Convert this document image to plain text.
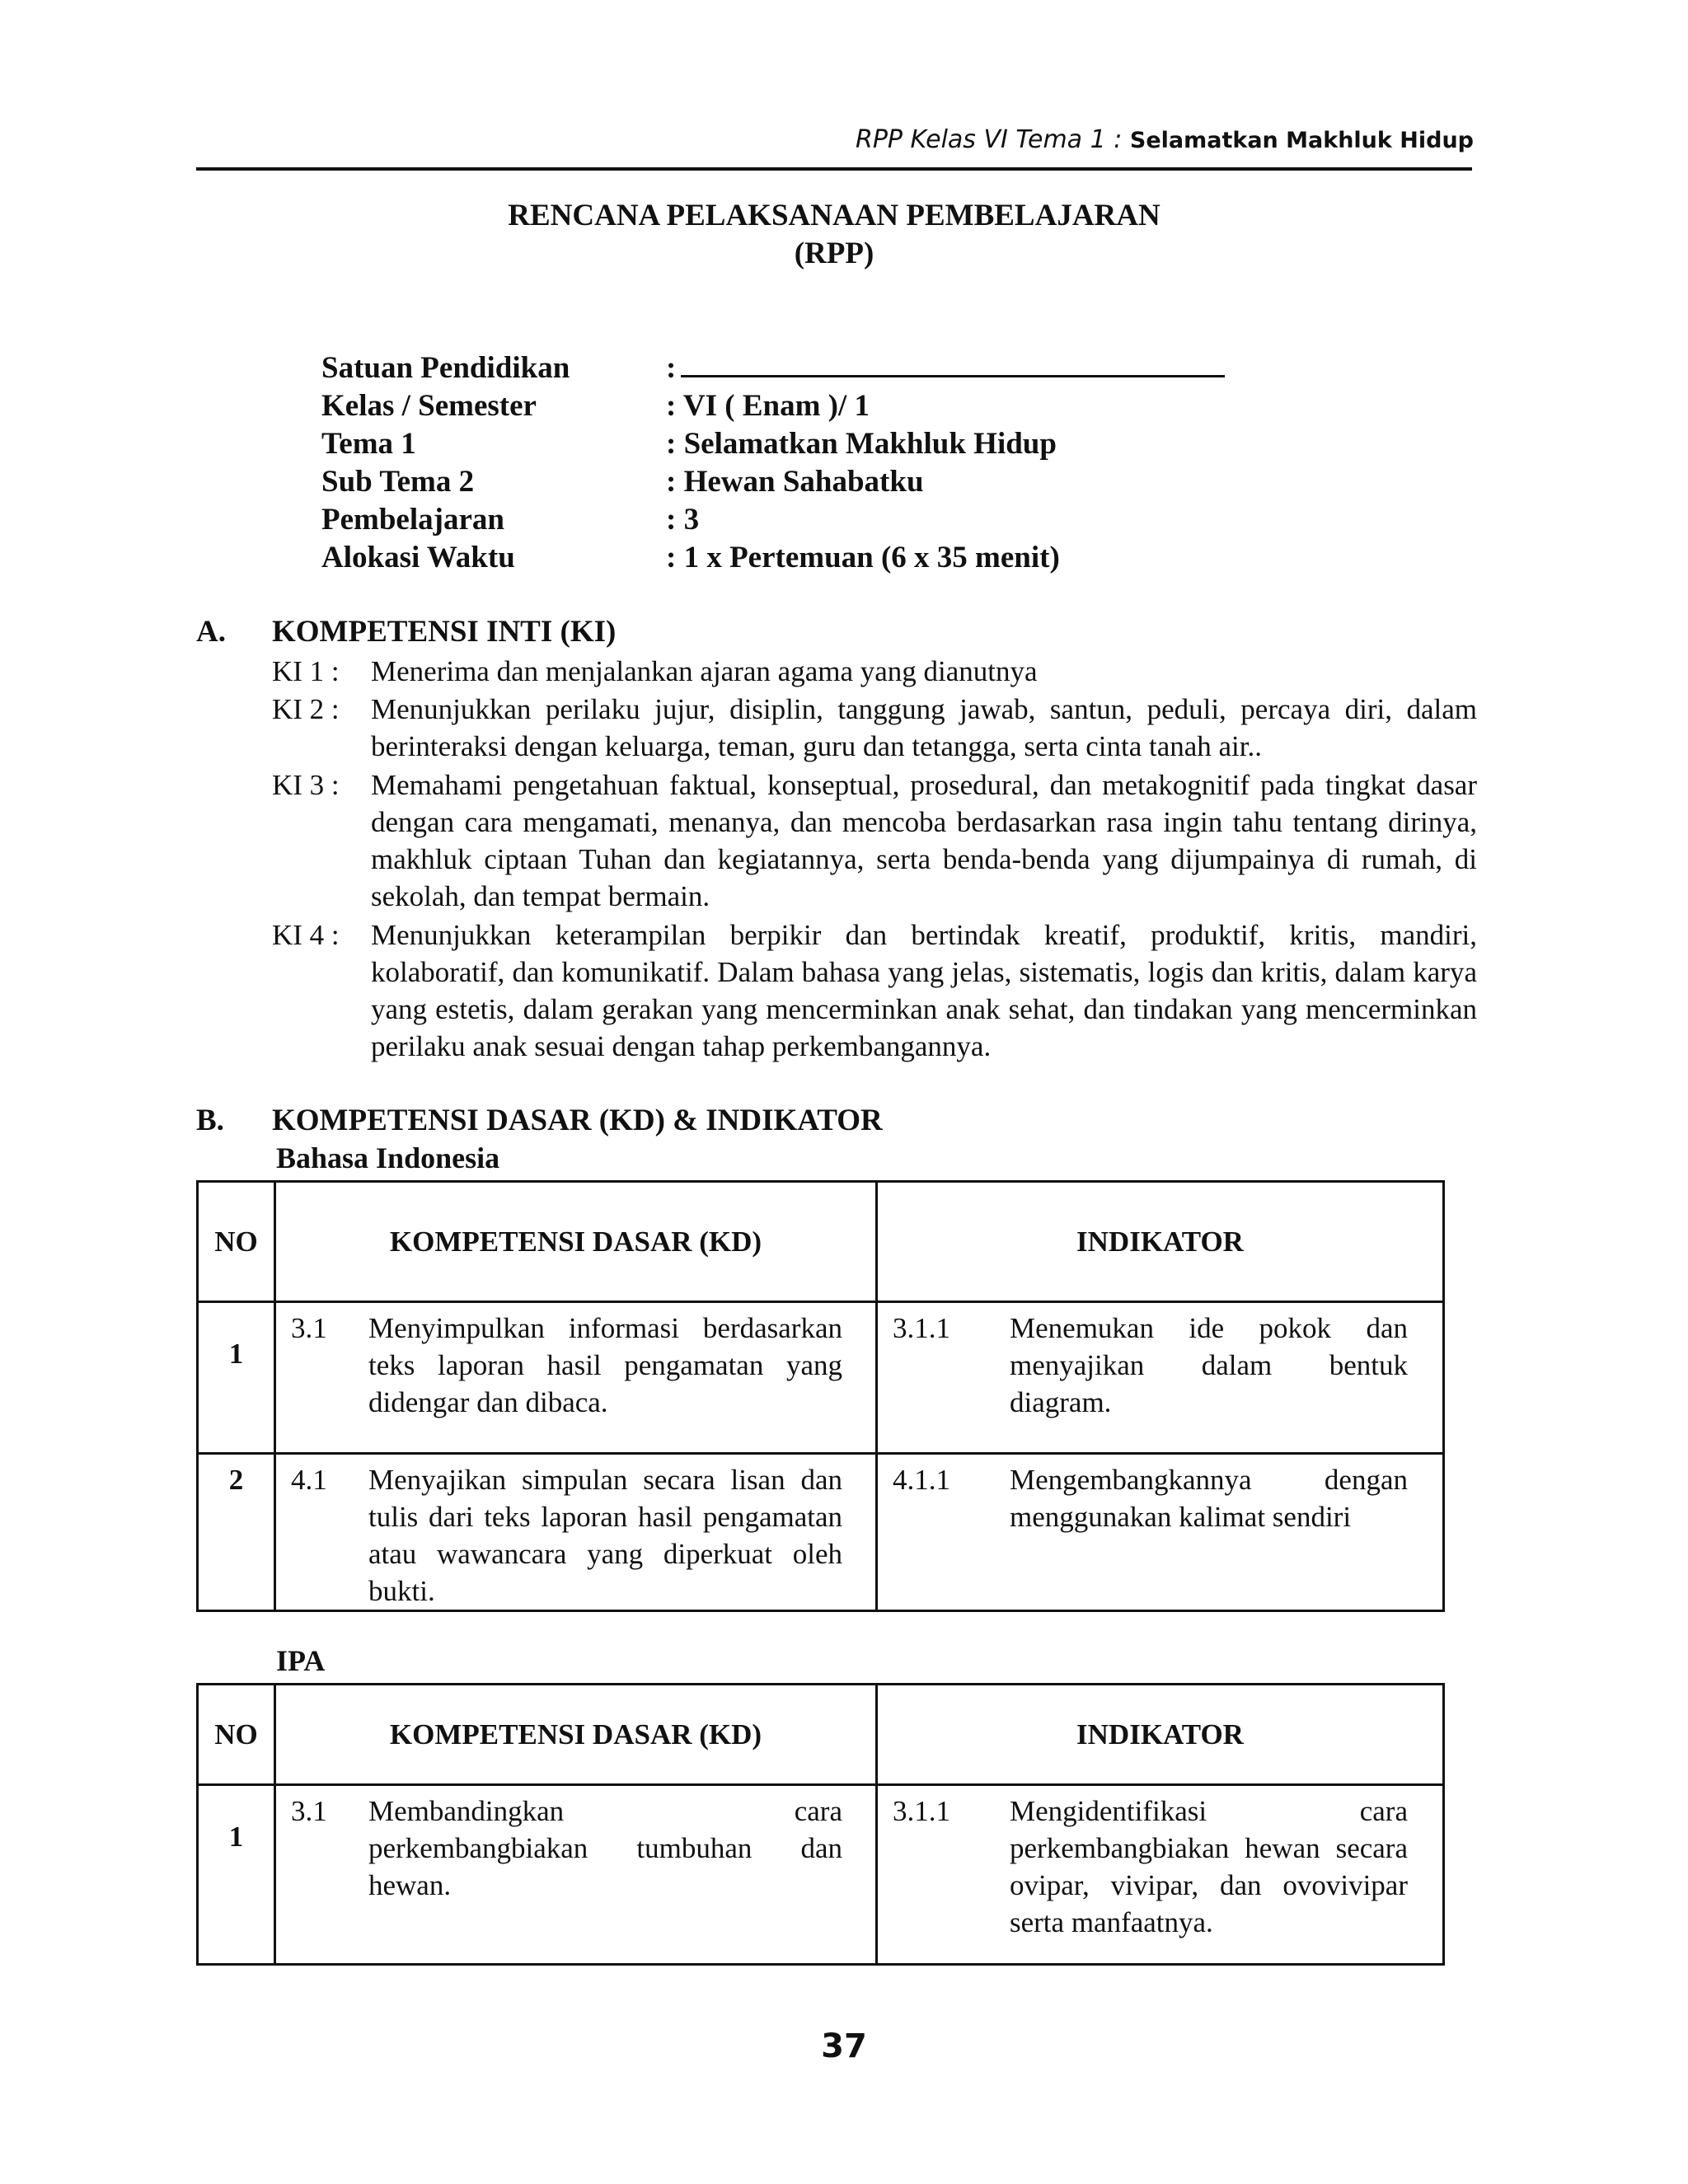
RPP Kelas VI Tema 1 : Selamatkan Makhluk Hidup
RENCANA PELAKSANAAN PEMBELAJARAN
(RPP)
Satuan Pendidikan	:
Kelas / Semester	: VI ( Enam )/ 1
Tema 1	: Selamatkan Makhluk Hidup
Sub Tema 2	: Hewan Sahabatku
Pembelajaran	: 3
Alokasi Waktu	: 1 x Pertemuan (6 x 35 menit)
A. KOMPETENSI INTI (KI)
KI 1 : Menerima dan menjalankan ajaran agama yang dianutnya
KI 2 : Menunjukkan perilaku jujur, disiplin, tanggung jawab, santun, peduli, percaya diri, dalam berinteraksi dengan keluarga, teman, guru dan tetangga, serta cinta tanah air..
KI 3 : Memahami pengetahuan faktual, konseptual, prosedural, dan metakognitif pada tingkat dasar dengan cara mengamati, menanya, dan mencoba berdasarkan rasa ingin tahu tentang dirinya, makhluk ciptaan Tuhan dan kegiatannya, serta benda-benda yang dijumpainya di rumah, di sekolah, dan tempat bermain.
KI 4 : Menunjukkan keterampilan berpikir dan bertindak kreatif, produktif, kritis, mandiri, kolaboratif, dan komunikatif. Dalam bahasa yang jelas, sistematis, logis dan kritis, dalam karya yang estetis, dalam gerakan yang mencerminkan anak sehat, dan tindakan yang mencerminkan perilaku anak sesuai dengan tahap perkembangannya.
B. KOMPETENSI DASAR (KD) & INDIKATOR
Bahasa Indonesia
NO	KOMPETENSI DASAR (KD)	INDIKATOR
1	3.1 Menyimpulkan informasi berdasarkan teks laporan hasil pengamatan yang didengar dan dibaca.	3.1.1 Menemukan ide pokok dan menyajikan dalam bentuk diagram.

2	4.1 Menyajikan simpulan secara lisan dan tulis dari teks laporan hasil pengamatan atau wawancara yang diperkuat oleh bukti.	4.1.1 Mengembangkannya dengan menggunakan kalimat sendiri
IPA
NO	KOMPETENSI DASAR (KD)	INDIKATOR
1	3.1 Membandingkan cara perkembangbiakan tumbuhan dan hewan.	3.1.1 Mengidentifikasi cara perkembangbiakan hewan secara ovipar, vivipar, dan ovovivipar serta manfaatnya.
37
